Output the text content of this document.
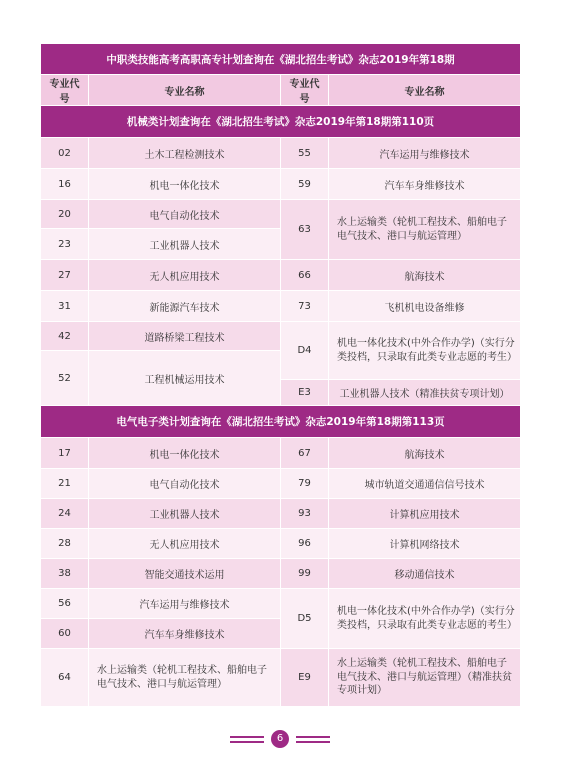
中职类技能高考高职高专计划查询在《湖北招生考试》杂志2019年第18期			
专业代号	专业名称	专业代号	专业名称
机械类计划查询在《湖北招生考试》杂志2019年第18期第110页			
02	土木工程检测技术	55	汽车运用与维修技术
16	机电一体化技术	59	汽车车身维修技术
20	电气自动化技术	63	水上运输类（轮机工程技术、船舶电子电气技术、港口与航运管理）
23	工业机器人技术		
27	无人机应用技术	66	航海技术
31	新能源汽车技术	73	飞机机电设备维修
42	道路桥梁工程技术	D4	机电一体化技术(中外合作办学)（实行分类投档，只录取有此类专业志愿的考生）
52	工程机械运用技术		
		E3	工业机器人技术（精准扶贫专项计划）
电气电子类计划查询在《湖北招生考试》杂志2019年第18期第113页			
17	机电一体化技术	67	航海技术
21	电气自动化技术	79	城市轨道交通通信信号技术
24	工业机器人技术	93	计算机应用技术
28	无人机应用技术	96	计算机网络技术
38	智能交通技术运用	99	移动通信技术
56	汽车运用与维修技术	D5	机电一体化技术(中外合作办学)（实行分类投档，只录取有此类专业志愿的考生）
60	汽车车身维修技术		
64	水上运输类（轮机工程技术、船舶电子电气技术、港口与航运管理）	E9	水上运输类（轮机工程技术、船舶电子电气技术、港口与航运管理）（精准扶贫专项计划）
6
